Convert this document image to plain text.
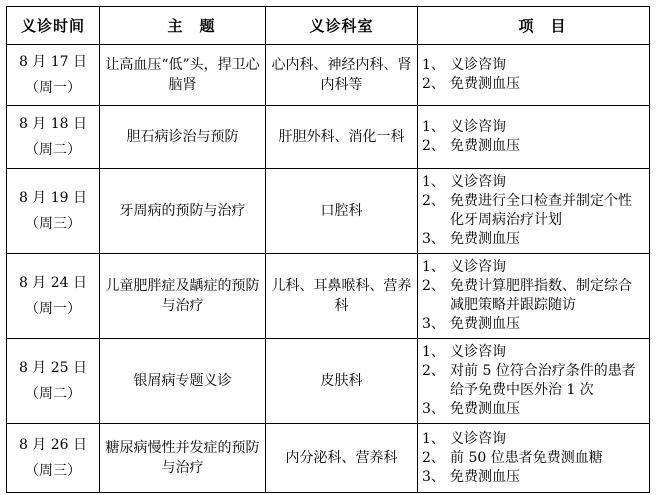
义诊时间	主　题	义诊科室	项　目

8 月 17 日
（周一）	让高血压“低”头，捍卫心脑肾	心内科、神经内科、肾内科等	1、 义诊咨询
2、 免费测血压

8 月 18 日
（周二）	胆石病诊治与预防	肝胆外科、消化一科	1、 义诊咨询
2、 免费测血压

8 月 19 日
（周三）	牙周病的预防与治疗	口腔科	1、 义诊咨询
2、 免费进行全口检查并制定个性化牙周病治疗计划
3、 免费测血压

8 月 24 日
（周一）	儿童肥胖症及龋症的预防与治疗	儿科、耳鼻喉科、营养科	1、 义诊咨询
2、 免费计算肥胖指数、制定综合减肥策略并跟踪随访
3、 免费测血压

8 月 25 日
（周二）	银屑病专题义诊	皮肤科	1、 义诊咨询
2、 对前 5 位符合治疗条件的患者给予免费中医外治 1 次
3、 免费测血压

8 月 26 日
（周三）	糖尿病慢性并发症的预防与治疗	内分泌科、营养科	1、 义诊咨询
2、 前 50 位患者免费测血糖
3、 免费测血压
